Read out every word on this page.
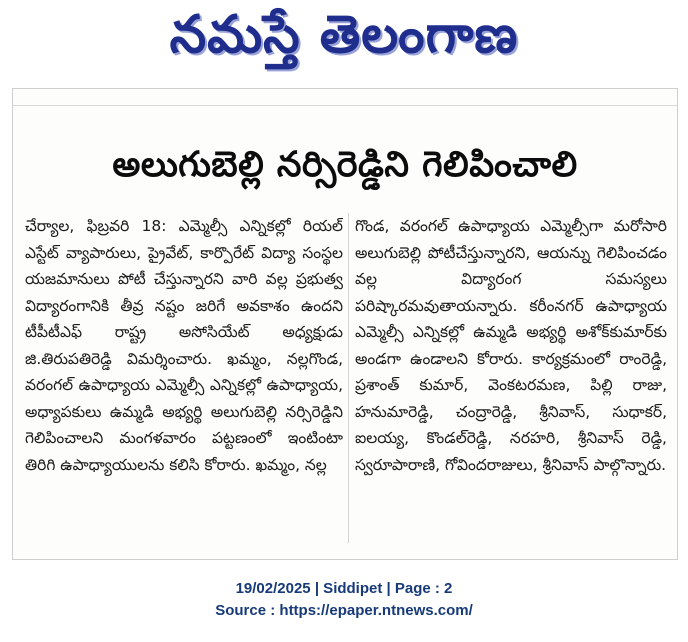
నమస్తే తెలంగాణ
అలుగుబెల్లి నర్సిరెడ్డిని గెలిపించాలి
చేర్యాల, ఫిబ్రవరి 18: ఎమ్మెల్సీ ఎన్నికల్లో రియల్ ఎస్టేట్ వ్యాపారులు, ప్రైవేట్, కార్పొరేట్ విద్యా సంస్థల యజమానులు పోటీ చేస్తున్నారని వారి వల్ల ప్రభుత్వ విద్యారంగానికి తీవ్ర నష్టం జరిగే అవకాశం ఉందని టీపీటీఎఫ్ రాష్ట్ర అసోసియేట్ అధ్యక్షుడు జి.తిరుపతిరెడ్డి విమర్శించారు. ఖమ్మం, నల్లగొండ, వరంగల్ ఉపాధ్యాయ ఎమ్మెల్సీ ఎన్నికల్లో ఉపాధ్యాయ, అధ్యాపకులు ఉమ్మడి అభ్యర్థి అలుగుబెల్లి నర్సిరెడ్డిని గెలిపించాలని మంగళవారం పట్టణంలో ఇంటింటా తిరిగి ఉపాధ్యాయులను కలిసి కోరారు. ఖమ్మం, నల్ల
గొండ, వరంగల్ ఉపాధ్యాయ ఎమ్మెల్సీగా మరోసారి అలుగుబెల్లి పోటీచేస్తున్నారని, ఆయన్ను గెలిపించడం వల్ల విద్యారంగ సమస్యలు పరిష్కారమవుతాయన్నారు. కరీంనగర్ ఉపాధ్యాయ ఎమ్మెల్సీ ఎన్నికల్లో ఉమ్మడి అభ్యర్థి అశోక్‌కుమార్‌కు అండగా ఉండాలని కోరారు. కార్యక్రమంలో రాంరెడ్డి, ప్రశాంత్ కుమార్, వెంకటరమణ, పిల్లి రాజు, హనుమారెడ్డి, చంద్రారెడ్డి, శ్రీనివాస్, సుధాకర్, ఐలయ్య, కొండల్‌రెడ్డి, నరహరి, శ్రీనివాస్ రెడ్డి, స్వరూపారాణి, గోవిందరాజులు, శ్రీనివాస్ పాల్గొన్నారు.
19/02/2025 | Siddipet | Page : 2
Source : https://epaper.ntnews.com/
